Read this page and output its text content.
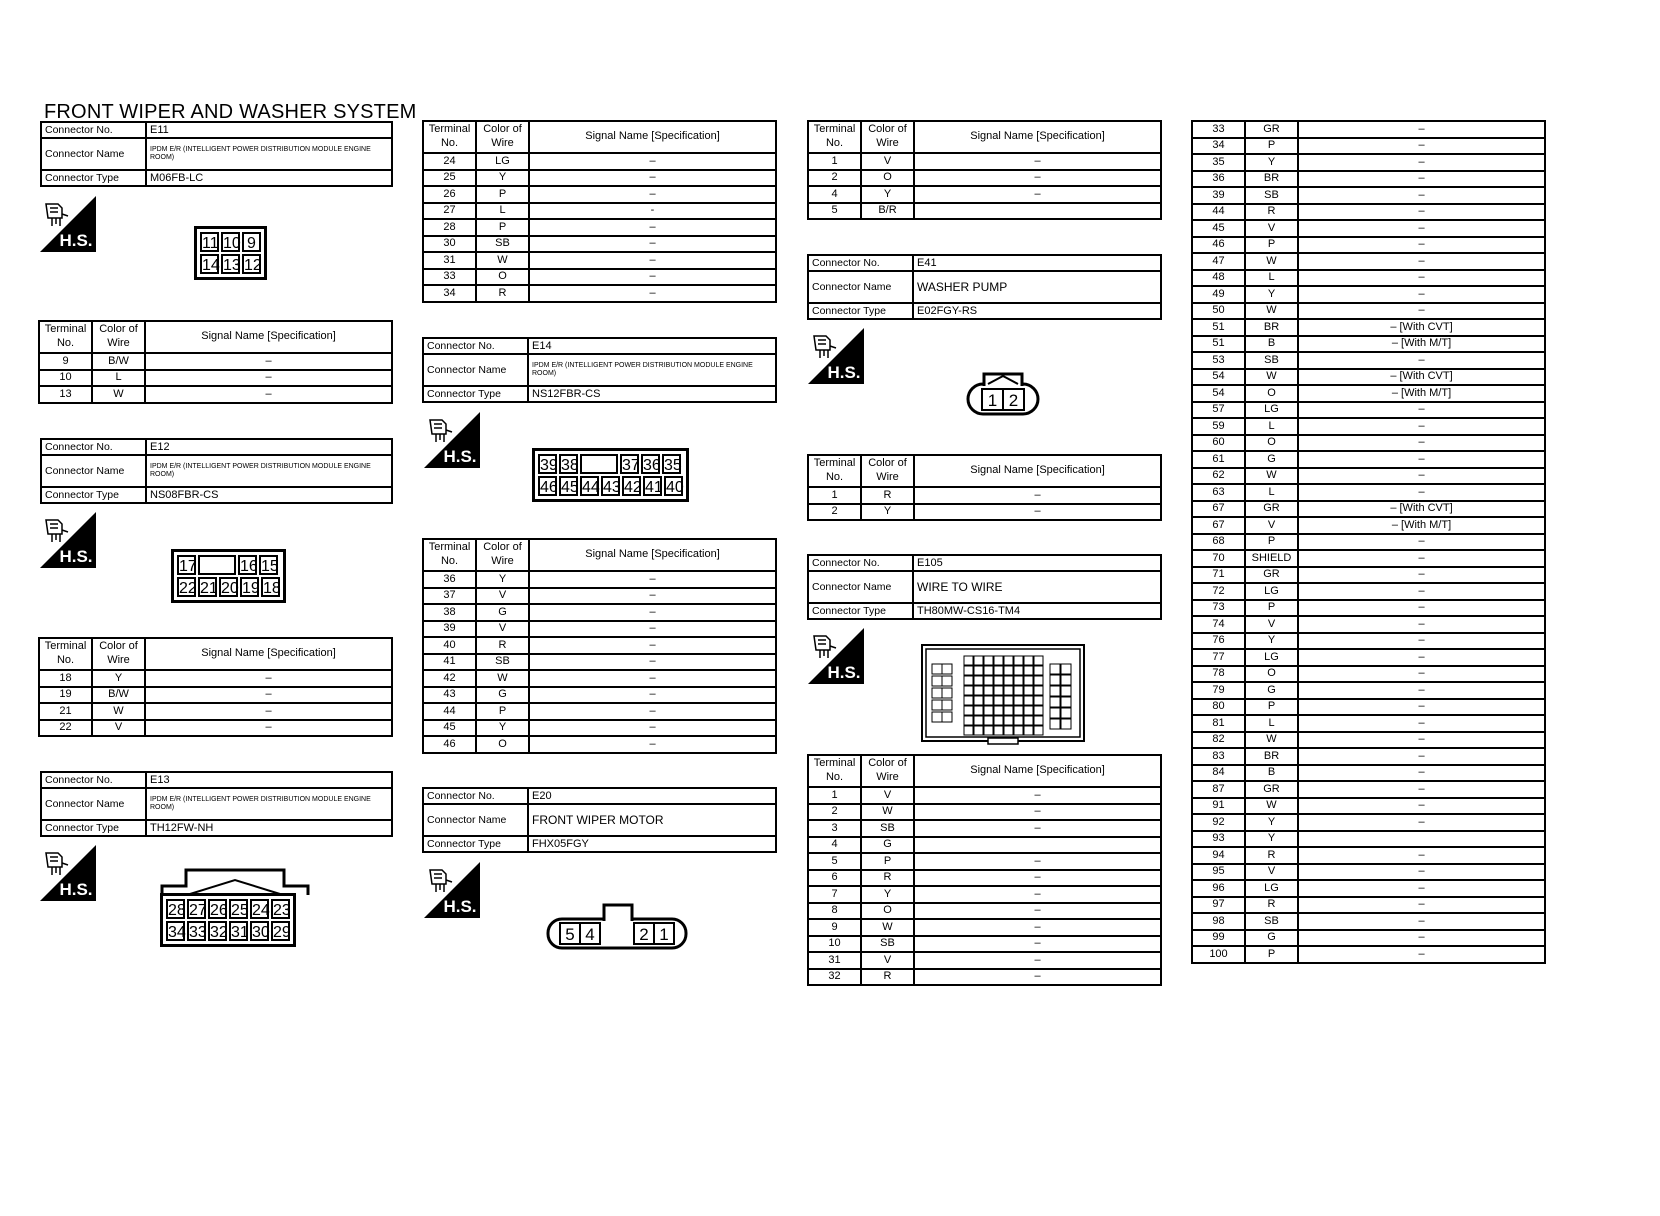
FRONT WIPER AND WASHER SYSTEM
Connector No.	E11
Connector Name	IPDM E/R (INTELLIGENT POWER DISTRIBUTION MODULE ENGINE ROOM)
Connector Type	M06FB-LC
H.S.	11 10 9
14 13 12
Terminal No.	Color of Wire	Signal Name [Specification]
9	B/W	–
10	L	–
13	W	–
Connector No.	E12
Connector Name	IPDM E/R (INTELLIGENT POWER DISTRIBUTION MODULE ENGINE ROOM)
Connector Type	NS08FBR-CS
H.S.
17	16 15
22 21 20 19 18
Terminal No.	Color of Wire	Signal Name [Specification]
18	Y	–
19	B/W	–
21	W	–
22	V	–
Connector No.	E13
Connector Name	IPDM E/R (INTELLIGENT POWER DISTRIBUTION MODULE ENGINE ROOM)
Connector Type	TH12FW-NH
H.S.
28 27 26 25 24 23
34 33 32 31 30 29
Terminal No.	Color of Wire	Signal Name [Specification]
24	LG	–
25	Y	–
26	P	–
27	L	-
28	P	–
30	SB	–
31	W	–
33	O	–
34	R	–
Connector No.	E14
Connector Name	IPDM E/R (INTELLIGENT POWER DISTRIBUTION MODULE ENGINE ROOM)
Connector Type	NS12FBR-CS
H.S.	39 38	37 36 35
46 45 44 43 42 41 40
Terminal No.	Color of Wire	Signal Name [Specification]
36	Y	–
37	V	–
38	G	–
39	V	–
40	R	–
41	SB	–
42	W	–
43	G	–
44	P	–
45	Y	–
46	O	–
Connector No.	E20
Connector Name	FRONT WIPER MOTOR
Connector Type	FHX05FGY
H.S.
5 4	2 1
Terminal No.	Color of Wire	Signal Name [Specification]
1	V	–
2	O	–
4	Y	–
5	B/R	
Connector No.	E41
Connector Name	WASHER PUMP
Connector Type	E02FGY-RS
H.S.
1 2
Terminal No.	Color of Wire	Signal Name [Specification]
1	R	–
2	Y	–
Connector No.	E105
Connector Name	WIRE TO WIRE
Connector Type	TH80MW-CS16-TM4
H.S.
Terminal No.	Color of Wire	Signal Name [Specification]
1	V	–
2	W	–
3	SB	–
4	G	
5	P	–
6	R	–
7	Y	–
8	O	–
9	W	–
10	SB	–
31	V	–
32	R	–
33	GR	–
34	P	–
35	Y	–
36	BR	–
39	SB	–
44	R	–
45	V	–
46	P	–
47	W	–
48	L	–
49	Y	–
50	W	–
51	BR	– [With CVT]
51	B	– [With M/T]
53	SB	–
54	W	– [With CVT]
54	O	– [With M/T]
57	LG	–
59	L	–
60	O	–
61	G	–
62	W	–
63	L	–
67	GR	– [With CVT]
67	V	– [With M/T]
68	P	–
70	SHIELD	–
71	GR	–
72	LG	–
73	P	–
74	V	–
76	Y	–
77	LG	–
78	O	–
79	G	–
80	P	–
81	L	–
82	W	–
83	BR	–
84	B	–
87	GR	–
91	W	–
92	Y	–
93	Y	
94	R	–
95	V	–
96	LG	–
97	R	–
98	SB	–
99	G	–
100	P	–
